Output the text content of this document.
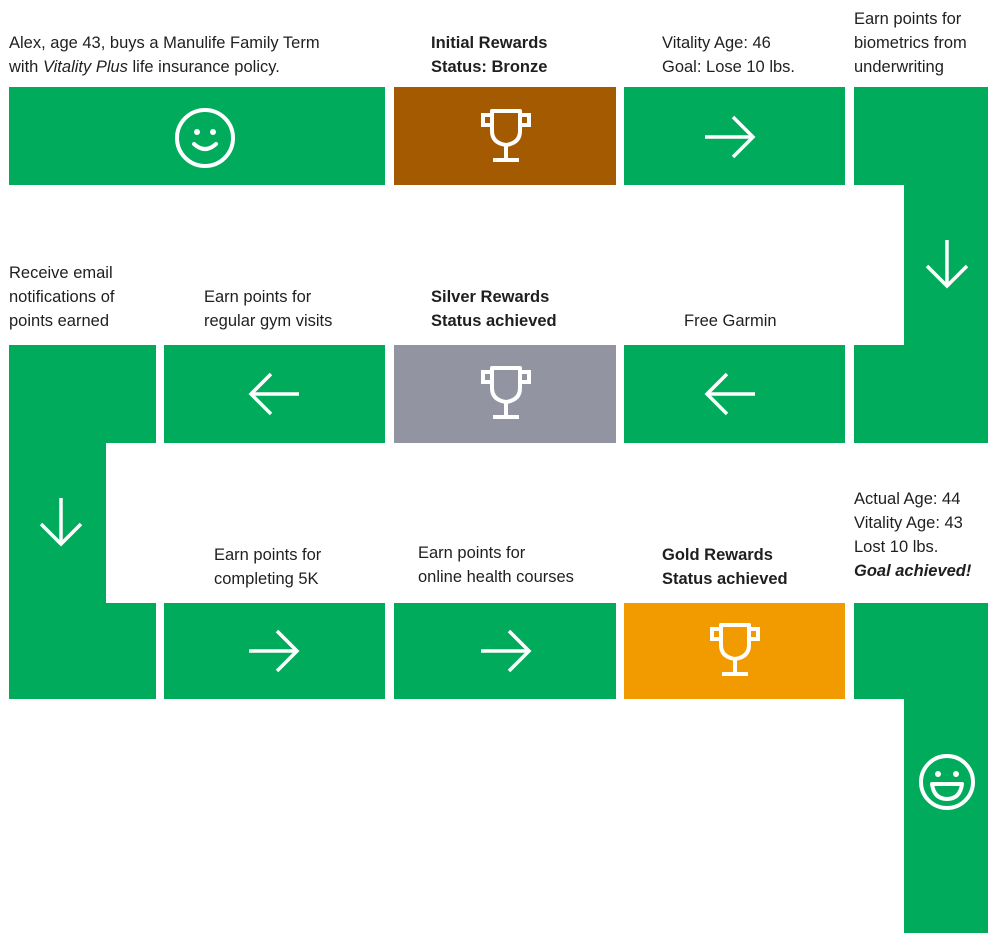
Alex, age 43, buys a Manulife Family Term
with Vitality Plus life insurance policy.
Initial Rewards
Status: Bronze
Vitality Age: 46
Goal: Lose 10 lbs.
Earn points for
biometrics from
underwriting
Receive email
notifications of
points earned
Earn points for
regular gym visits
Silver Rewards
Status achieved	Free Garmin
Earn points for
completing 5K
Earn points for
online health courses
Gold Rewards
Status achieved
Actual Age: 44
Vitality Age: 43
Lost 10 lbs.
Goal achieved!
